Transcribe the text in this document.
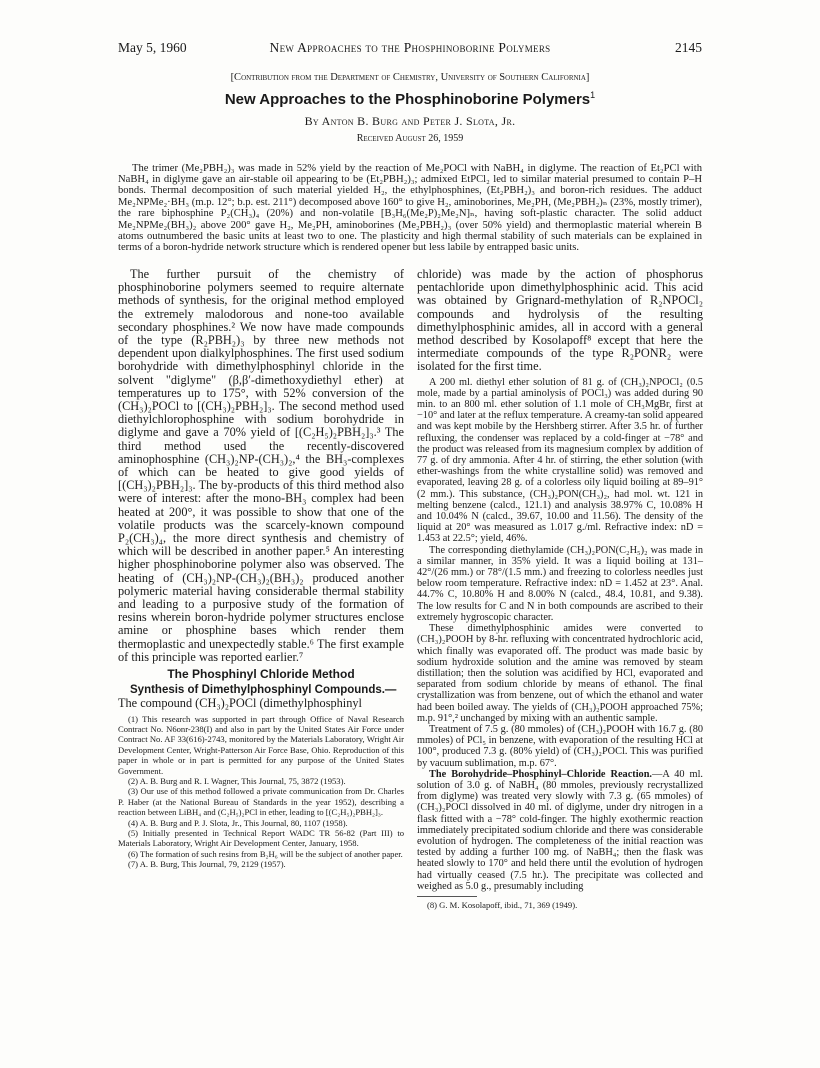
May 5, 1960	New Approaches to the Phosphinoborine Polymers	2145
[Contribution from the Department of Chemistry, University of Southern California]
New Approaches to the Phosphinoborine Polymers$^1$
By Anton B. Burg and Peter J. Slota, Jr.
Received August 26, 1959

The trimer (Me₂PBH₂)₃ was made in 52% yield by the reaction of Me₂POCl with NaBH₄ in diglyme. The reaction of Et₂PCl with NaBH₄ in diglyme gave an air-stable oil appearing to be (Et₂PBH₂)₃; admixed EtPCl₂ led to similar material presumed to contain P–H bonds. Thermal decomposition of such material yielded H₂, the ethylphosphines, (Et₂PBH₂)₃ and boron-rich residues. The adduct Me₂NPMe₂·BH₃ (m.p. 12°; b.p. est. 211°) decomposed above 160° to give H₂, aminoborines, Me₂PH, (Me₂PBH₂)ₙ (23%, mostly trimer), the rare biphosphine P₂(CH₃)₄ (20%) and non-volatile [B₃H₆(Me₂P)₂Me₂N]ₙ, having soft-plastic character. The solid adduct Me₂NPMe₂(BH₃)₂ above 200° gave H₂, Me₂PH, aminoborines (Me₂PBH₂)₃ (over 50% yield) and thermoplastic material wherein B atoms outnumbered the basic units at least two to one. The plasticity and high thermal stability of such materials can be explained in terms of a boron-hydride network structure which is rendered opener but less labile by entrapped basic units.

The further pursuit of the chemistry of phosphinoborine polymers seemed to require alternate methods of synthesis, for the original method employed the extremely malodorous and none-too available secondary phosphines.² We now have made compounds of the type (R₂PBH₂)₃ by three new methods not dependent upon dialkylphosphines. The first used sodium borohydride with dimethylphosphinyl chloride in the solvent "diglyme" (β,β′-dimethoxydiethyl ether) at temperatures up to 175°, with 52% conversion of the (CH₃)₂POCl to [(CH₃)₂PBH₂]₃. The second method used diethylchlorophosphine with sodium borohydride in diglyme and gave a 70% yield of [(C₂H₅)₂PBH₂]₃.³ The third method used the recently-discovered aminophosphine (CH₃)₂NP-(CH₃)₂,⁴ the BH₃-complexes of which can be heated to give good yields of [(CH₃)₂PBH₂]₃. The by-products of this third method also were of interest: after the mono-BH₃ complex had been heated at 200°, it was possible to show that one of the volatile products was the scarcely-known compound P₂(CH₃)₄, the more direct synthesis and chemistry of which will be described in another paper.⁵ An interesting higher phosphinoborine polymer also was observed. The heating of (CH₃)₂NP-(CH₃)₂(BH₃)₂ produced another polymeric material having considerable thermal stability and leading to a purposive study of the formation of resins wherein boron-hydride polymer structures enclose amine or phosphine bases which render them thermoplastic and unexpectedly stable.⁶ The first example of this principle was reported earlier.⁷

The Phosphinyl Chloride Method

Synthesis of Dimethylphosphinyl Compounds.—
The compound (CH₃)₂POCl (dimethylphosphinyl

(1) This research was supported in part through Office of Naval Research Contract No. N6onr-238(I) and also in part by the United States Air Force under Contract No. AF 33(616)-2743, monitored by the Materials Laboratory, Wright Air Development Center, Wright-Patterson Air Force Base, Ohio. Reproduction of this paper in whole or in part is permitted for any purpose of the United States Government.

(2) A. B. Burg and R. I. Wagner, This Journal, 75, 3872 (1953).

(3) Our use of this method followed a private communication from Dr. Charles P. Haber (at the National Bureau of Standards in the year 1952), describing a reaction between LiBH₄ and (C₂H₅)₂PCl in ether, leading to [(C₂H₅)₂PBH₂]₃.

(4) A. B. Burg and P. J. Slota, Jr., This Journal, 80, 1107 (1958).

(5) Initially presented in Technical Report WADC TR 56-82 (Part III) to Materials Laboratory, Wright Air Development Center, January, 1958.

(6) The formation of such resins from B₂H₆ will be the subject of another paper.

(7) A. B. Burg, This Journal, 79, 2129 (1957).

chloride) was made by the action of phosphorus pentachloride upon dimethylphosphinic acid. This acid was obtained by Grignard-methylation of R₂NPOCl₂ compounds and hydrolysis of the resulting dimethylphosphinic amides, all in accord with a general method described by Kosolapoff⁸ except that here the intermediate compounds of the type R₂PONR₂ were isolated for the first time.

A 200 ml. diethyl ether solution of 81 g. of (CH₃)₂NPOCl₂ (0.5 mole, made by a partial aminolysis of POCl₃) was added during 90 min. to an 800 ml. ether solution of 1.1 mole of CH₃MgBr, first at −10° and later at the reflux temperature. A creamy-tan solid appeared and was kept mobile by the Hershberg stirrer. After 3.5 hr. of further refluxing, the condenser was replaced by a cold-finger at −78° and the product was released from its magnesium complex by addition of 77 g. of dry ammonia. After 4 hr. of stirring, the ether solution (with ether-washings from the white crystalline solid) was removed and evaporated, leaving 28 g. of a colorless oily liquid boiling at 89–91° (2 mm.). This substance, (CH₃)₂PON(CH₃)₂, had mol. wt. 121 in melting benzene (calcd., 121.1) and analysis 38.97% C, 10.08% H and 10.04% N (calcd., 39.67, 10.00 and 11.56). The density of the liquid at 20° was measured as 1.017 g./ml. Refractive index: nD = 1.453 at 22.5°; yield, 46%.

The corresponding diethylamide (CH₃)₂PON(C₂H₅)₂ was made in a similar manner, in 35% yield. It was a liquid boiling at 131–42°/(26 mm.) or 78°/(1.5 mm.) and freezing to colorless needles just below room temperature. Refractive index: nD = 1.452 at 23°. Anal. 44.7% C, 10.80% H and 8.00% N (calcd., 48.4, 10.81, and 9.38). The low results for C and N in both compounds are ascribed to their extremely hygroscopic character.

These dimethylphosphinic amides were converted to (CH₃)₂POOH by 8-hr. refluxing with concentrated hydrochloric acid, which finally was evaporated off. The product was made basic by sodium hydroxide solution and the amine was removed by steam distillation; then the solution was acidified by HCl, evaporated and separated from sodium chloride by means of ethanol. The final crystallization was from benzene, out of which the ethanol and water had been boiled away. The yields of (CH₃)₂POOH approached 75%; m.p. 91°,² unchanged by mixing with an authentic sample.

Treatment of 7.5 g. (80 mmoles) of (CH₃)₂POOH with 16.7 g. (80 mmoles) of PCl₅ in benzene, with evaporation of the resulting HCl at 100°, produced 7.3 g. (80% yield) of (CH₃)₂POCl. This was purified by vacuum sublimation, m.p. 67°.

The Borohydride–Phosphinyl–Chloride Reaction.—A 40 ml. solution of 3.0 g. of NaBH₄ (80 mmoles, previously recrystallized from diglyme) was treated very slowly with 7.3 g. (65 mmoles) of (CH₃)₂POCl dissolved in 40 ml. of diglyme, under dry nitrogen in a flask fitted with a −78° cold-finger. The highly exothermic reaction immediately precipitated sodium chloride and there was considerable evolution of hydrogen. The completeness of the initial reaction was tested by adding a further 100 mg. of NaBH₄; then the flask was heated slowly to 170° and held there until the evolution of hydrogen had virtually ceased (7.5 hr.). The precipitate was collected and weighed as 5.0 g., presumably including

(8) G. M. Kosolapoff, ibid., 71, 369 (1949).
